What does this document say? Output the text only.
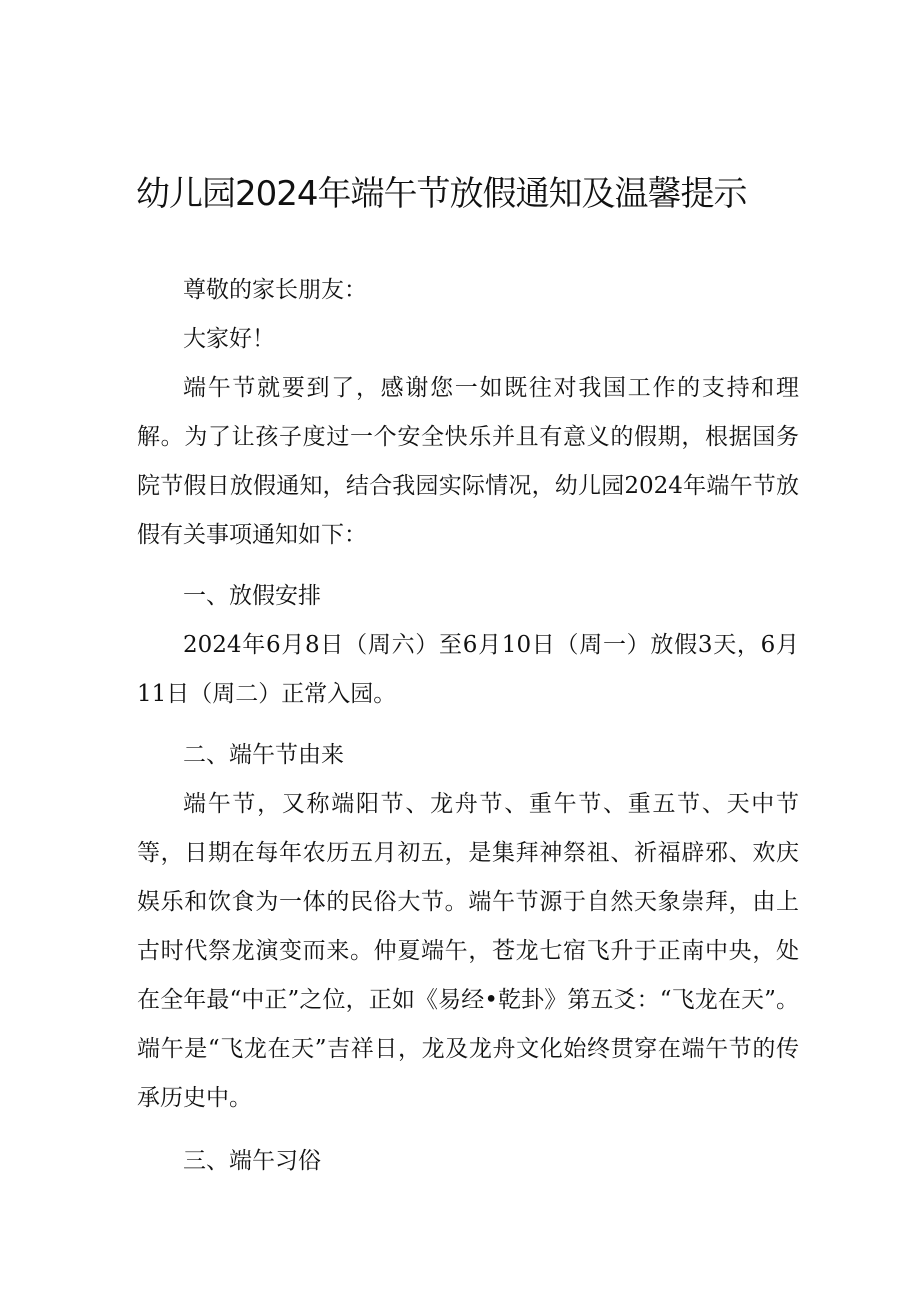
幼儿园2024年端午节放假通知及温馨提示

尊敬的家长朋友：

大家好！

端午节就要到了，感谢您一如既往对我国工作的支持和理解。为了让孩子度过一个安全快乐并且有意义的假期，根据国务院节假日放假通知，结合我园实际情况，幼儿园2024年端午节放假有关事项通知如下：

一、放假安排

2024年6月8日（周六）至6月10日（周一）放假3天，6月11日（周二）正常入园。

二、端午节由来

端午节，又称端阳节、龙舟节、重午节、重五节、天中节等，日期在每年农历五月初五，是集拜神祭祖、祈福辟邪、欢庆娱乐和饮食为一体的民俗大节。端午节源于自然天象崇拜，由上古时代祭龙演变而来。仲夏端午，苍龙七宿飞升于正南中央，处在全年最“中正”之位，正如《易经•乾卦》第五爻：“飞龙在天”。端午是“飞龙在天”吉祥日，龙及龙舟文化始终贯穿在端午节的传承历史中。

三、端午习俗
